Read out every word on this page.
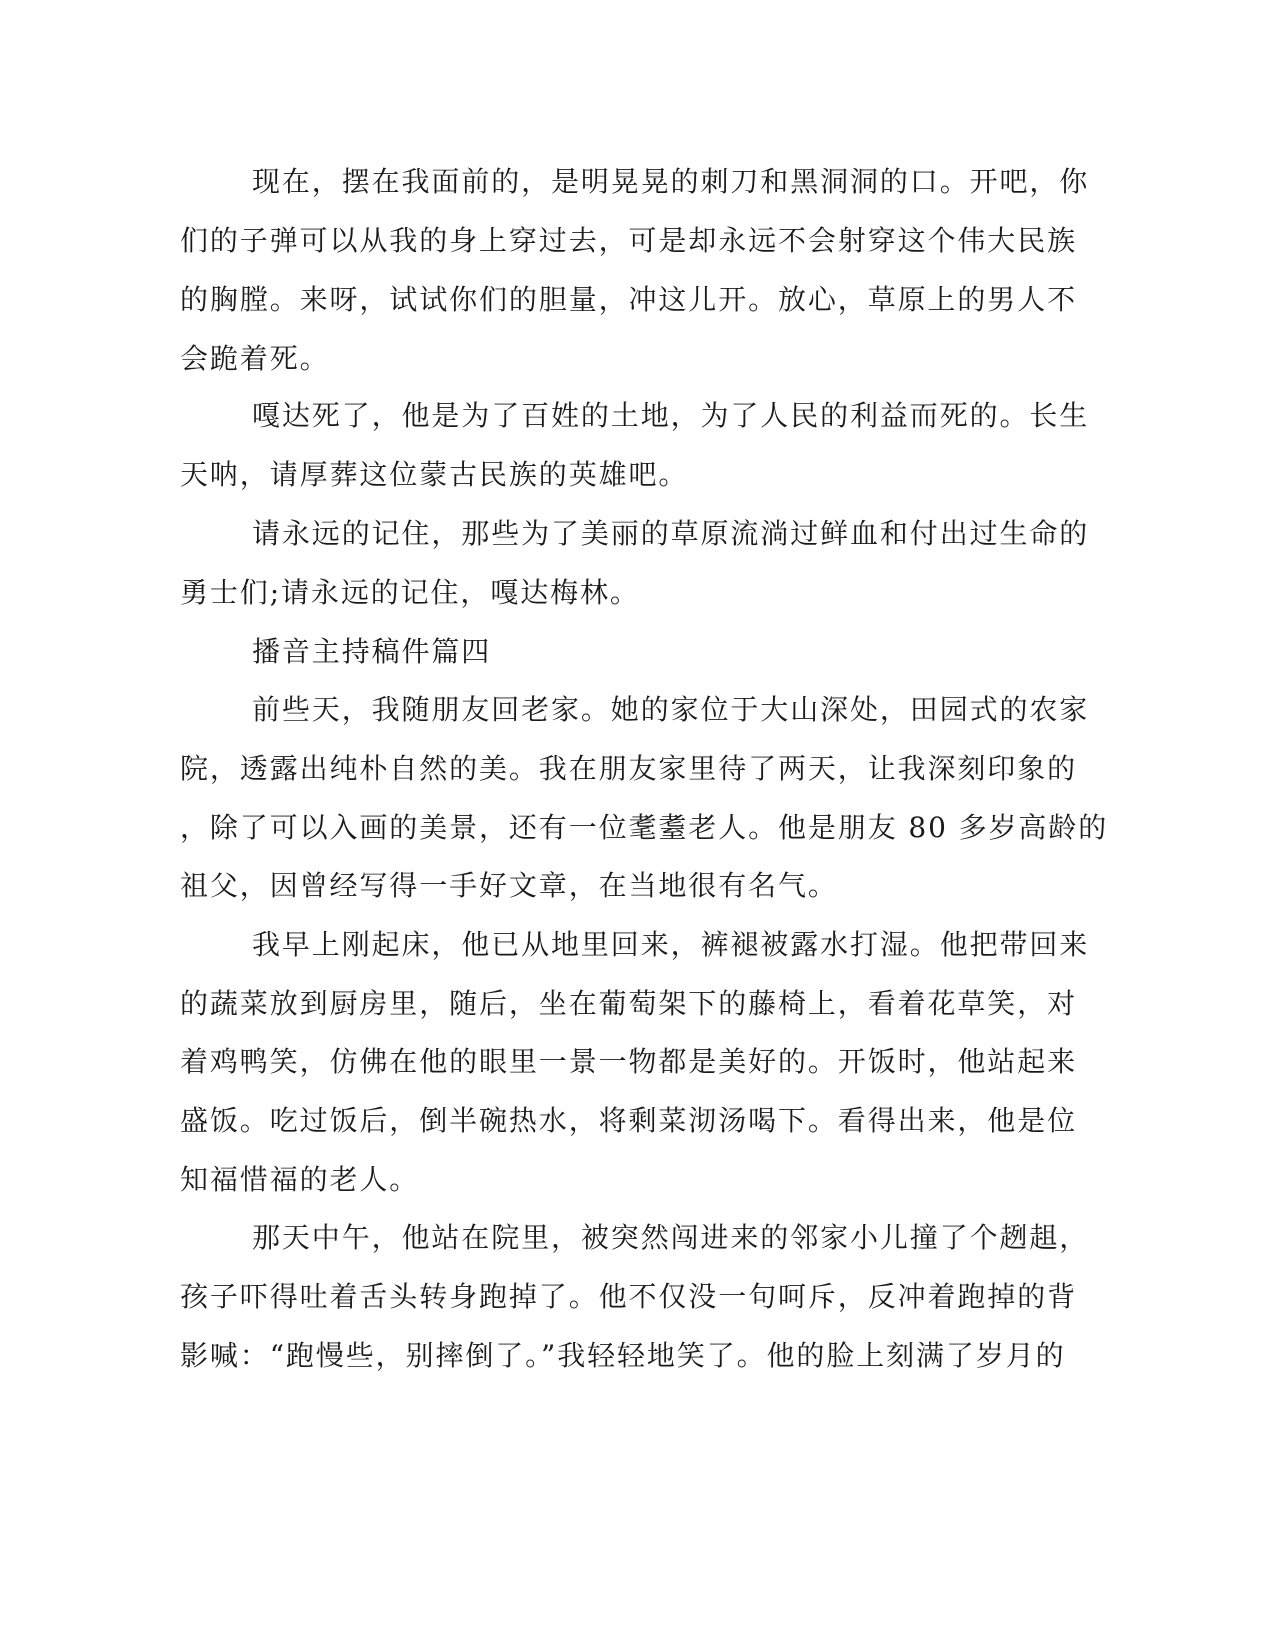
现在，摆在我面前的，是明晃晃的刺刀和黑洞洞的口。开吧，你
们的子弹可以从我的身上穿过去，可是却永远不会射穿这个伟大民族
的胸膛。来呀，试试你们的胆量，冲这儿开。放心，草原上的男人不
会跪着死。
嘎达死了，他是为了百姓的土地，为了人民的利益而死的。长生
天呐，请厚葬这位蒙古民族的英雄吧。
请永远的记住，那些为了美丽的草原流淌过鲜血和付出过生命的
勇士们;请永远的记住，嘎达梅林。
播音主持稿件篇四
前些天，我随朋友回老家。她的家位于大山深处，田园式的农家
院，透露出纯朴自然的美。我在朋友家里待了两天，让我深刻印象的
，除了可以入画的美景，还有一位耄耋老人。他是朋友 80 多岁高龄的
祖父，因曾经写得一手好文章，在当地很有名气。
我早上刚起床，他已从地里回来，裤褪被露水打湿。他把带回来
的蔬菜放到厨房里，随后，坐在葡萄架下的藤椅上，看着花草笑，对
着鸡鸭笑，仿佛在他的眼里一景一物都是美好的。开饭时，他站起来
盛饭。吃过饭后，倒半碗热水，将剩菜沏汤喝下。看得出来，他是位
知福惜福的老人。
那天中午，他站在院里，被突然闯进来的邻家小儿撞了个趔趄，
孩子吓得吐着舌头转身跑掉了。他不仅没一句呵斥，反冲着跑掉的背
影喊：“跑慢些，别摔倒了。”我轻轻地笑了。他的脸上刻满了岁月的
